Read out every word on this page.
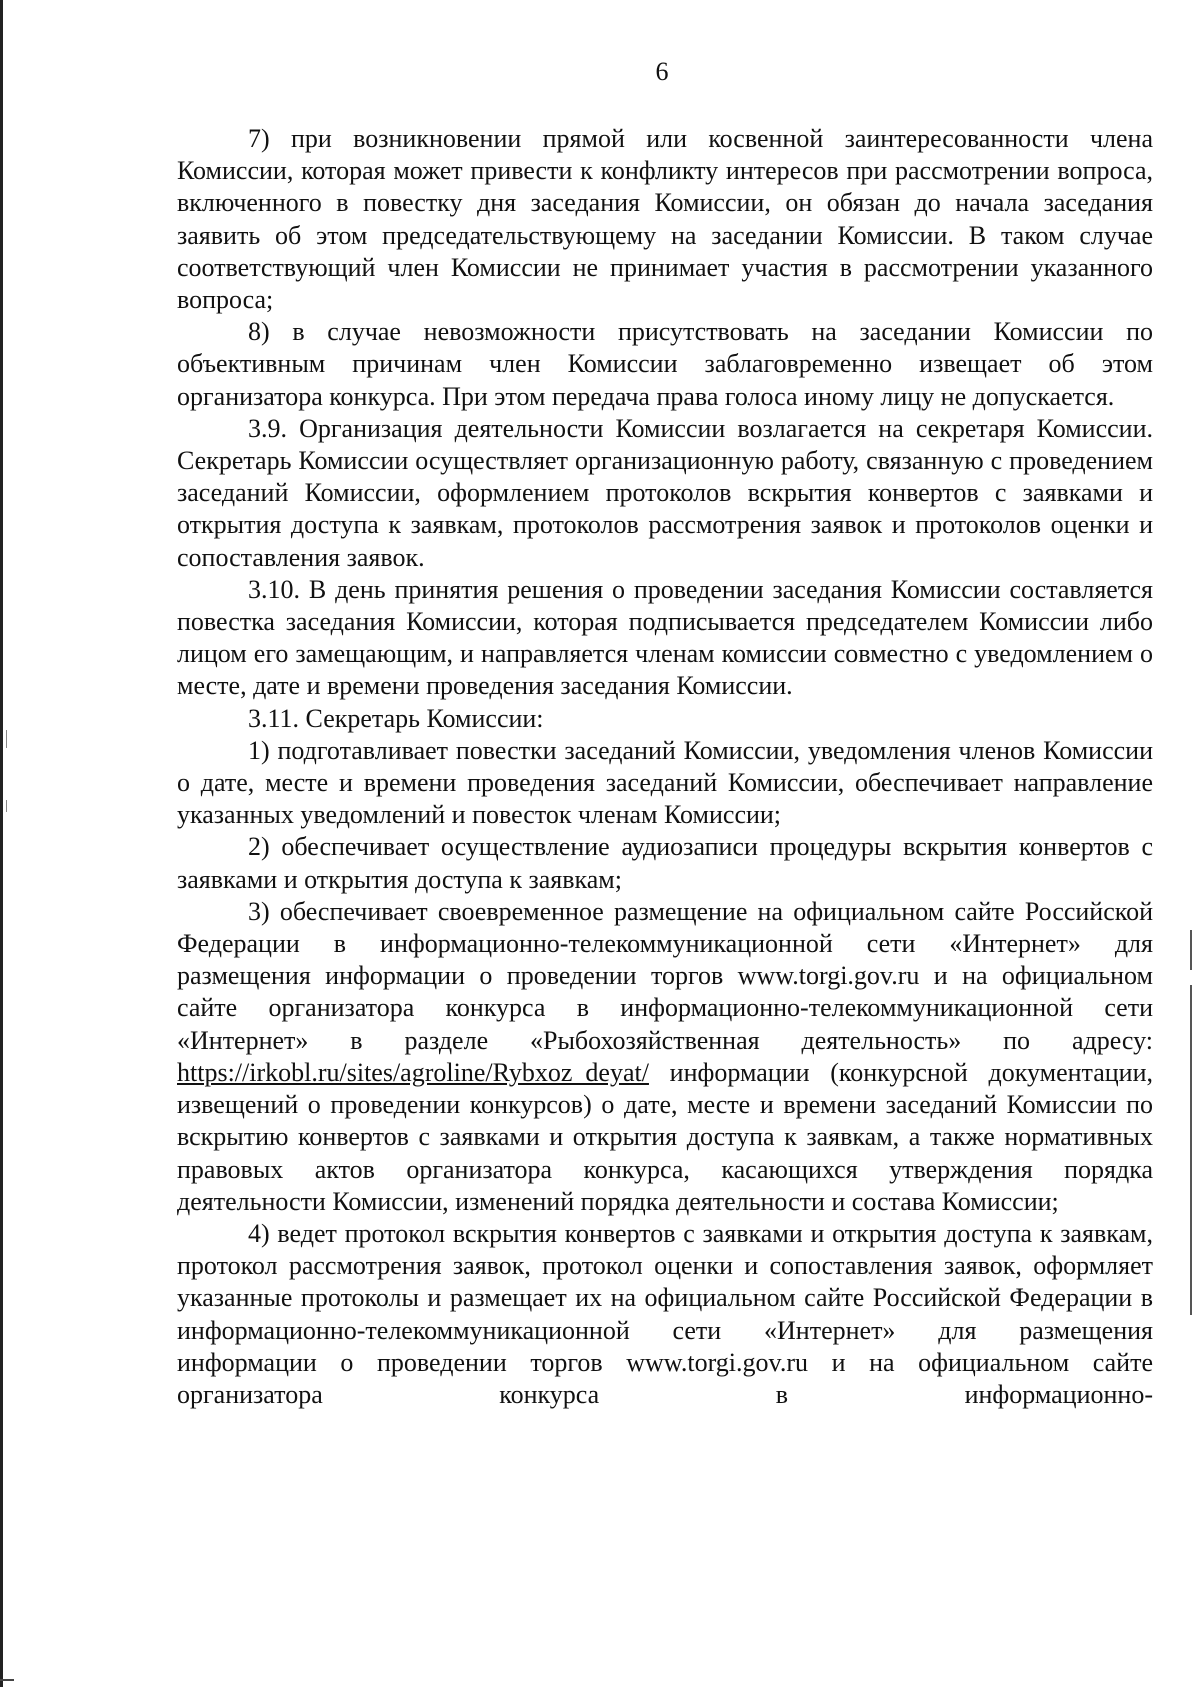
6

7) при возникновении прямой или косвенной заинтересованности члена Комиссии, которая может привести к конфликту интересов при рассмотрении вопроса, включенного в повестку дня заседания Комиссии, он обязан до начала заседания заявить об этом председательствующему на заседании Комиссии. В таком случае соответствующий член Комиссии не принимает участия в рассмотрении указанного вопроса;

8) в случае невозможности присутствовать на заседании Комиссии по объективным причинам член Комиссии заблаговременно извещает об этом организатора конкурса. При этом передача права голоса иному лицу не допускается.

3.9. Организация деятельности Комиссии возлагается на секретаря Комиссии. Секретарь Комиссии осуществляет организационную работу, связанную с проведением заседаний Комиссии, оформлением протоколов вскрытия конвертов с заявками и открытия доступа к заявкам, протоколов рассмотрения заявок и протоколов оценки и сопоставления заявок.

3.10. В день принятия решения о проведении заседания Комиссии составляется повестка заседания Комиссии, которая подписывается председателем Комиссии либо лицом его замещающим, и направляется членам комиссии совместно с уведомлением о месте, дате и времени проведения заседания Комиссии.

3.11. Секретарь Комиссии:

1) подготавливает повестки заседаний Комиссии, уведомления членов Комиссии о дате, месте и времени проведения заседаний Комиссии, обеспечивает направление указанных уведомлений и повесток членам Комиссии;

2) обеспечивает осуществление аудиозаписи процедуры вскрытия конвертов с заявками и открытия доступа к заявкам;

3) обеспечивает своевременное размещение на официальном сайте Российской Федерации в информационно-телекоммуникационной сети «Интернет» для размещения информации о проведении торгов www.torgi.gov.ru и на официальном сайте организатора конкурса в информационно-телекоммуникационной сети «Интернет» в разделе «Рыбохозяйственная деятельность» по адресу: https://irkobl.ru/sites/agroline/Rybxoz_deyat/ информации (конкурсной документации, извещений о проведении конкурсов) о дате, месте и времени заседаний Комиссии по вскрытию конвертов с заявками и открытия доступа к заявкам, а также нормативных правовых актов организатора конкурса, касающихся утверждения порядка деятельности Комиссии, изменений порядка деятельности и состава Комиссии;

4) ведет протокол вскрытия конвертов с заявками и открытия доступа к заявкам, протокол рассмотрения заявок, протокол оценки и сопоставления заявок, оформляет указанные протоколы и размещает их на официальном сайте Российской Федерации в информационно-телекоммуникационной сети «Интернет» для размещения информации о проведении торгов www.torgi.gov.ru и на официальном сайте организатора конкурса в информационно-
